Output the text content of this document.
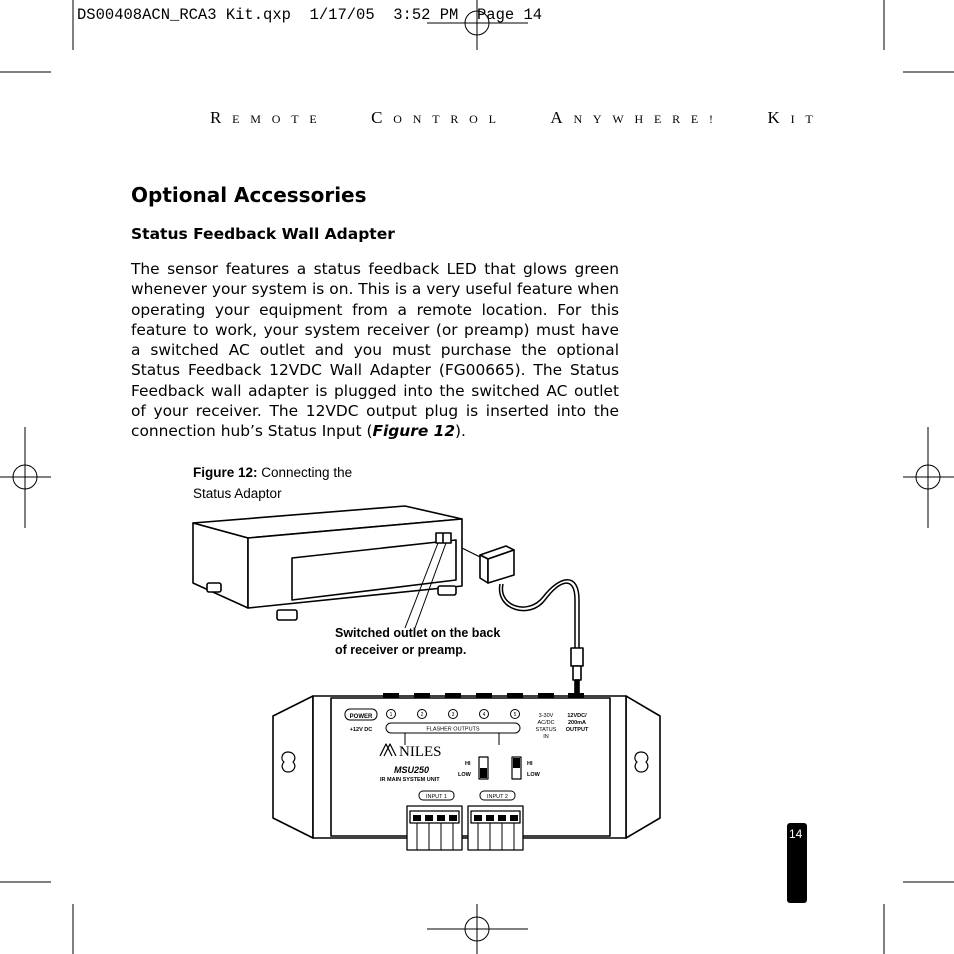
DS00408ACN_RCA3 Kit.qxp  1/17/05  3:52 PM  Page 14
REMOTE	CONTROL	ANYWHERE!	KIT
Optional Accessories
Status Feedback Wall Adapter
The sensor features a status feedback LED that glows green whenever your system is on. This is a very useful feature when operating your equipment from a remote location. For this feature to work, your system receiver (or preamp) must have a switched AC outlet and you must purchase the optional Status Feedback 12VDC Wall Adapter (FG00665). The Status Feedback wall adapter is plugged into the switched AC outlet of your receiver. The 12VDC output plug is inserted into the connection hub’s Status Input (Figure 12).
Figure 12: Connecting the Status Adaptor
POWER
+12V DC
1	2	3	4	5
FLASHER OUTPUTS
3-30V
AC/DC
STATUS
IN
12VDC/
200mA
OUTPUT
NILES
MSU250
IR MAIN SYSTEM UNIT
HI
LOW
HI
LOW
INPUT 1	INPUT 2
Switched outlet on the back of receiver or preamp.
14
